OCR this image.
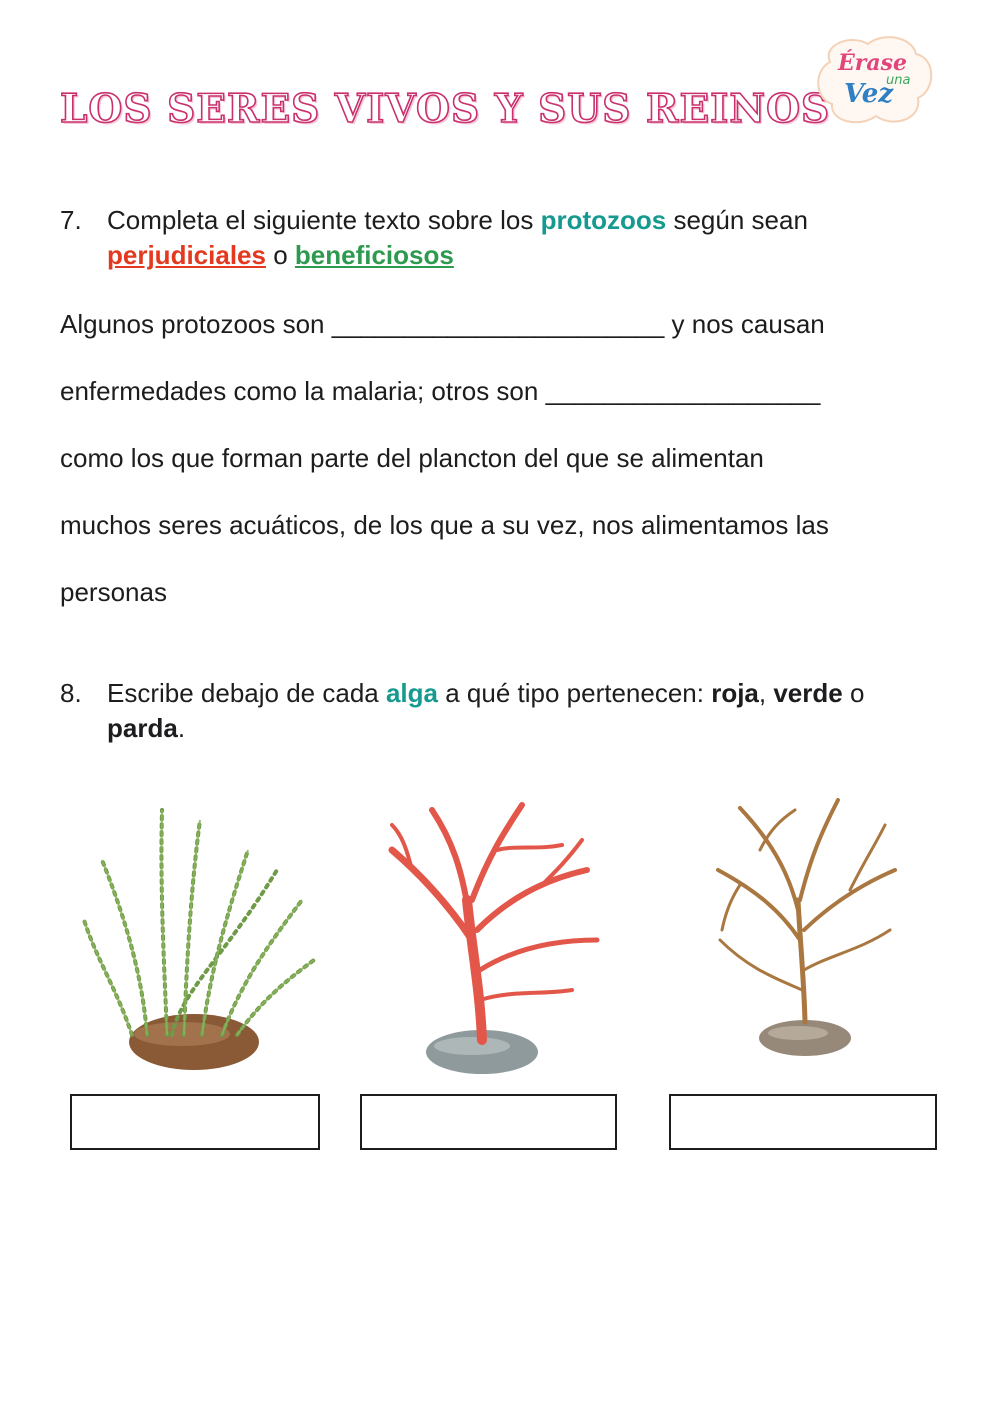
LOS SERES VIVOS Y SUS REINOS
Érase
una
Vez
7. Completa el siguiente texto sobre los protozoos según sean perjudiciales o beneficiosos
Algunos protozoos son _______________________ y nos causan
enfermedades como la malaria; otros son ___________________
como los que forman parte del plancton del que se alimentan
muchos seres acuáticos, de los que a su vez, nos alimentamos las
personas
8. Escribe debajo de cada alga a qué tipo pertenecen: roja, verde o parda.
